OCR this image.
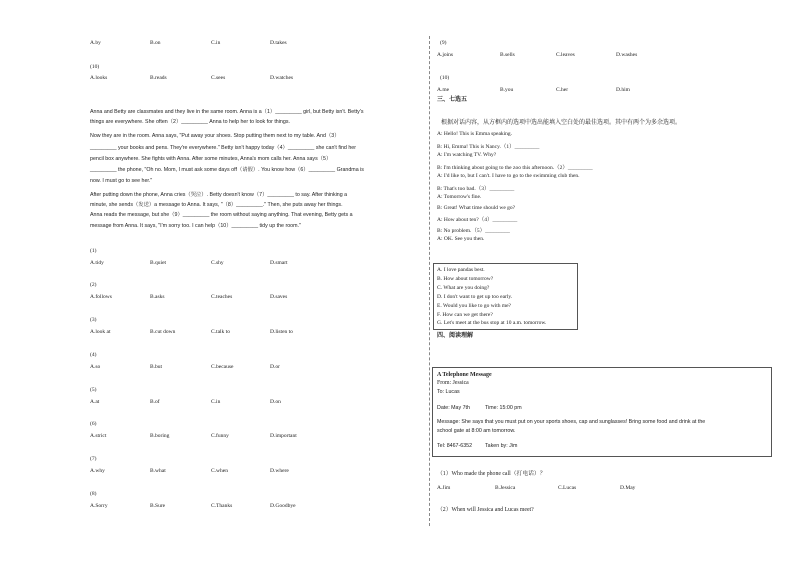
A.by	B.on	C.in	D.takes
(10)
A.looks	B.reads	C.sees	D.watches
Anna and Betty are classmates and they live in the same room. Anna is a（1）_________ girl, but Betty isn't. Betty's
things are everywhere. She often（2）_________ Anna to help her to look for things.
Now they are in the room. Anna says, "Put away your shoes. Stop putting them next to my table. And（3）
_________ your books and pens. They're everywhere." Betty isn't happy today（4）_________ she can't find her
pencil box anywhere. She fights with Anna. After some minutes, Anna's mom calls her. Anna says（5）
_________ the phone, "Oh no. Mom, I must ask some days off（请假）. You know how（6）_________ Grandma is
now. I must go to see her."
After putting down the phone, Anna cries（哭泣）. Betty doesn't know（7）_________ to say. After thinking a
minute, she sends（发送）a message to Anna. It says, "（8）_________." Then, she puts away her things.
Anna reads the message, but she（9）_________ the room without saying anything. That evening, Betty gets a
message from Anna. It says, "I'm sorry too. I can help（10）_________ tidy up the room."
(1)
A.tidy	B.quiet	C.shy	D.smart
(2)
A.follows	B.asks	C.teaches	D.saves
(3)
A.look at	B.cut down	C.talk to	D.listen to
(4)
A.so	B.but	C.because	D.or
(5)
A.at	B.of	C.in	D.on
(6)
A.strict	B.boring	C.funny	D.important
(7)
A.why	B.what	C.when	D.where
(8)
A.Sorry	B.Sure	C.Thanks	D.Goodbye
(9)
A.joins	B.sells	C.leaves	D.washes
(10)
A.me	B.you	C.her	D.him
三、七选五
根据对话内容，从方框内的选项中选出能填入空白处的最佳选项。其中有两个为多余选项。
A: Hello! This is Emma speaking.
B: Hi, Emma! This is Nancy.（1）_________
A: I'm watching TV. Why?
B: I'm thinking about going to the zoo this afternoon.（2）_________
A: I'd like to, but I can't. I have to go to the swimming club then.
B: That's too bad.（3）_________
A: Tomorrow's fine.
B: Great! What time should we go?
A: How about ten?（4）_________
B: No problem.（5）_________
A: OK. See you then.
A. I love pandas best.
B. How about tomorrow?
C. What are you doing?
D. I don't want to get up too early.
E. Would you like to go with me?
F. How can we get there?
G. Let's meet at the bus stop at 10 a.m. tomorrow.
四、阅读理解
A Telephone Message
From: Jessica
To: Lucas
Date: May 7th	Time: 15:00 pm
Message: She says that you must put on your sports shoes, cap and sunglasses! Bring some food and drink at the
school gate at 8:00 am tomorrow.
Tel: 8467-6352 Taken by: Jim
（1）Who made the phone call（打电话）？
A.Jim	B.Jessica	C.Lucas	D.May
（2）When will Jessica and Lucas meet?
